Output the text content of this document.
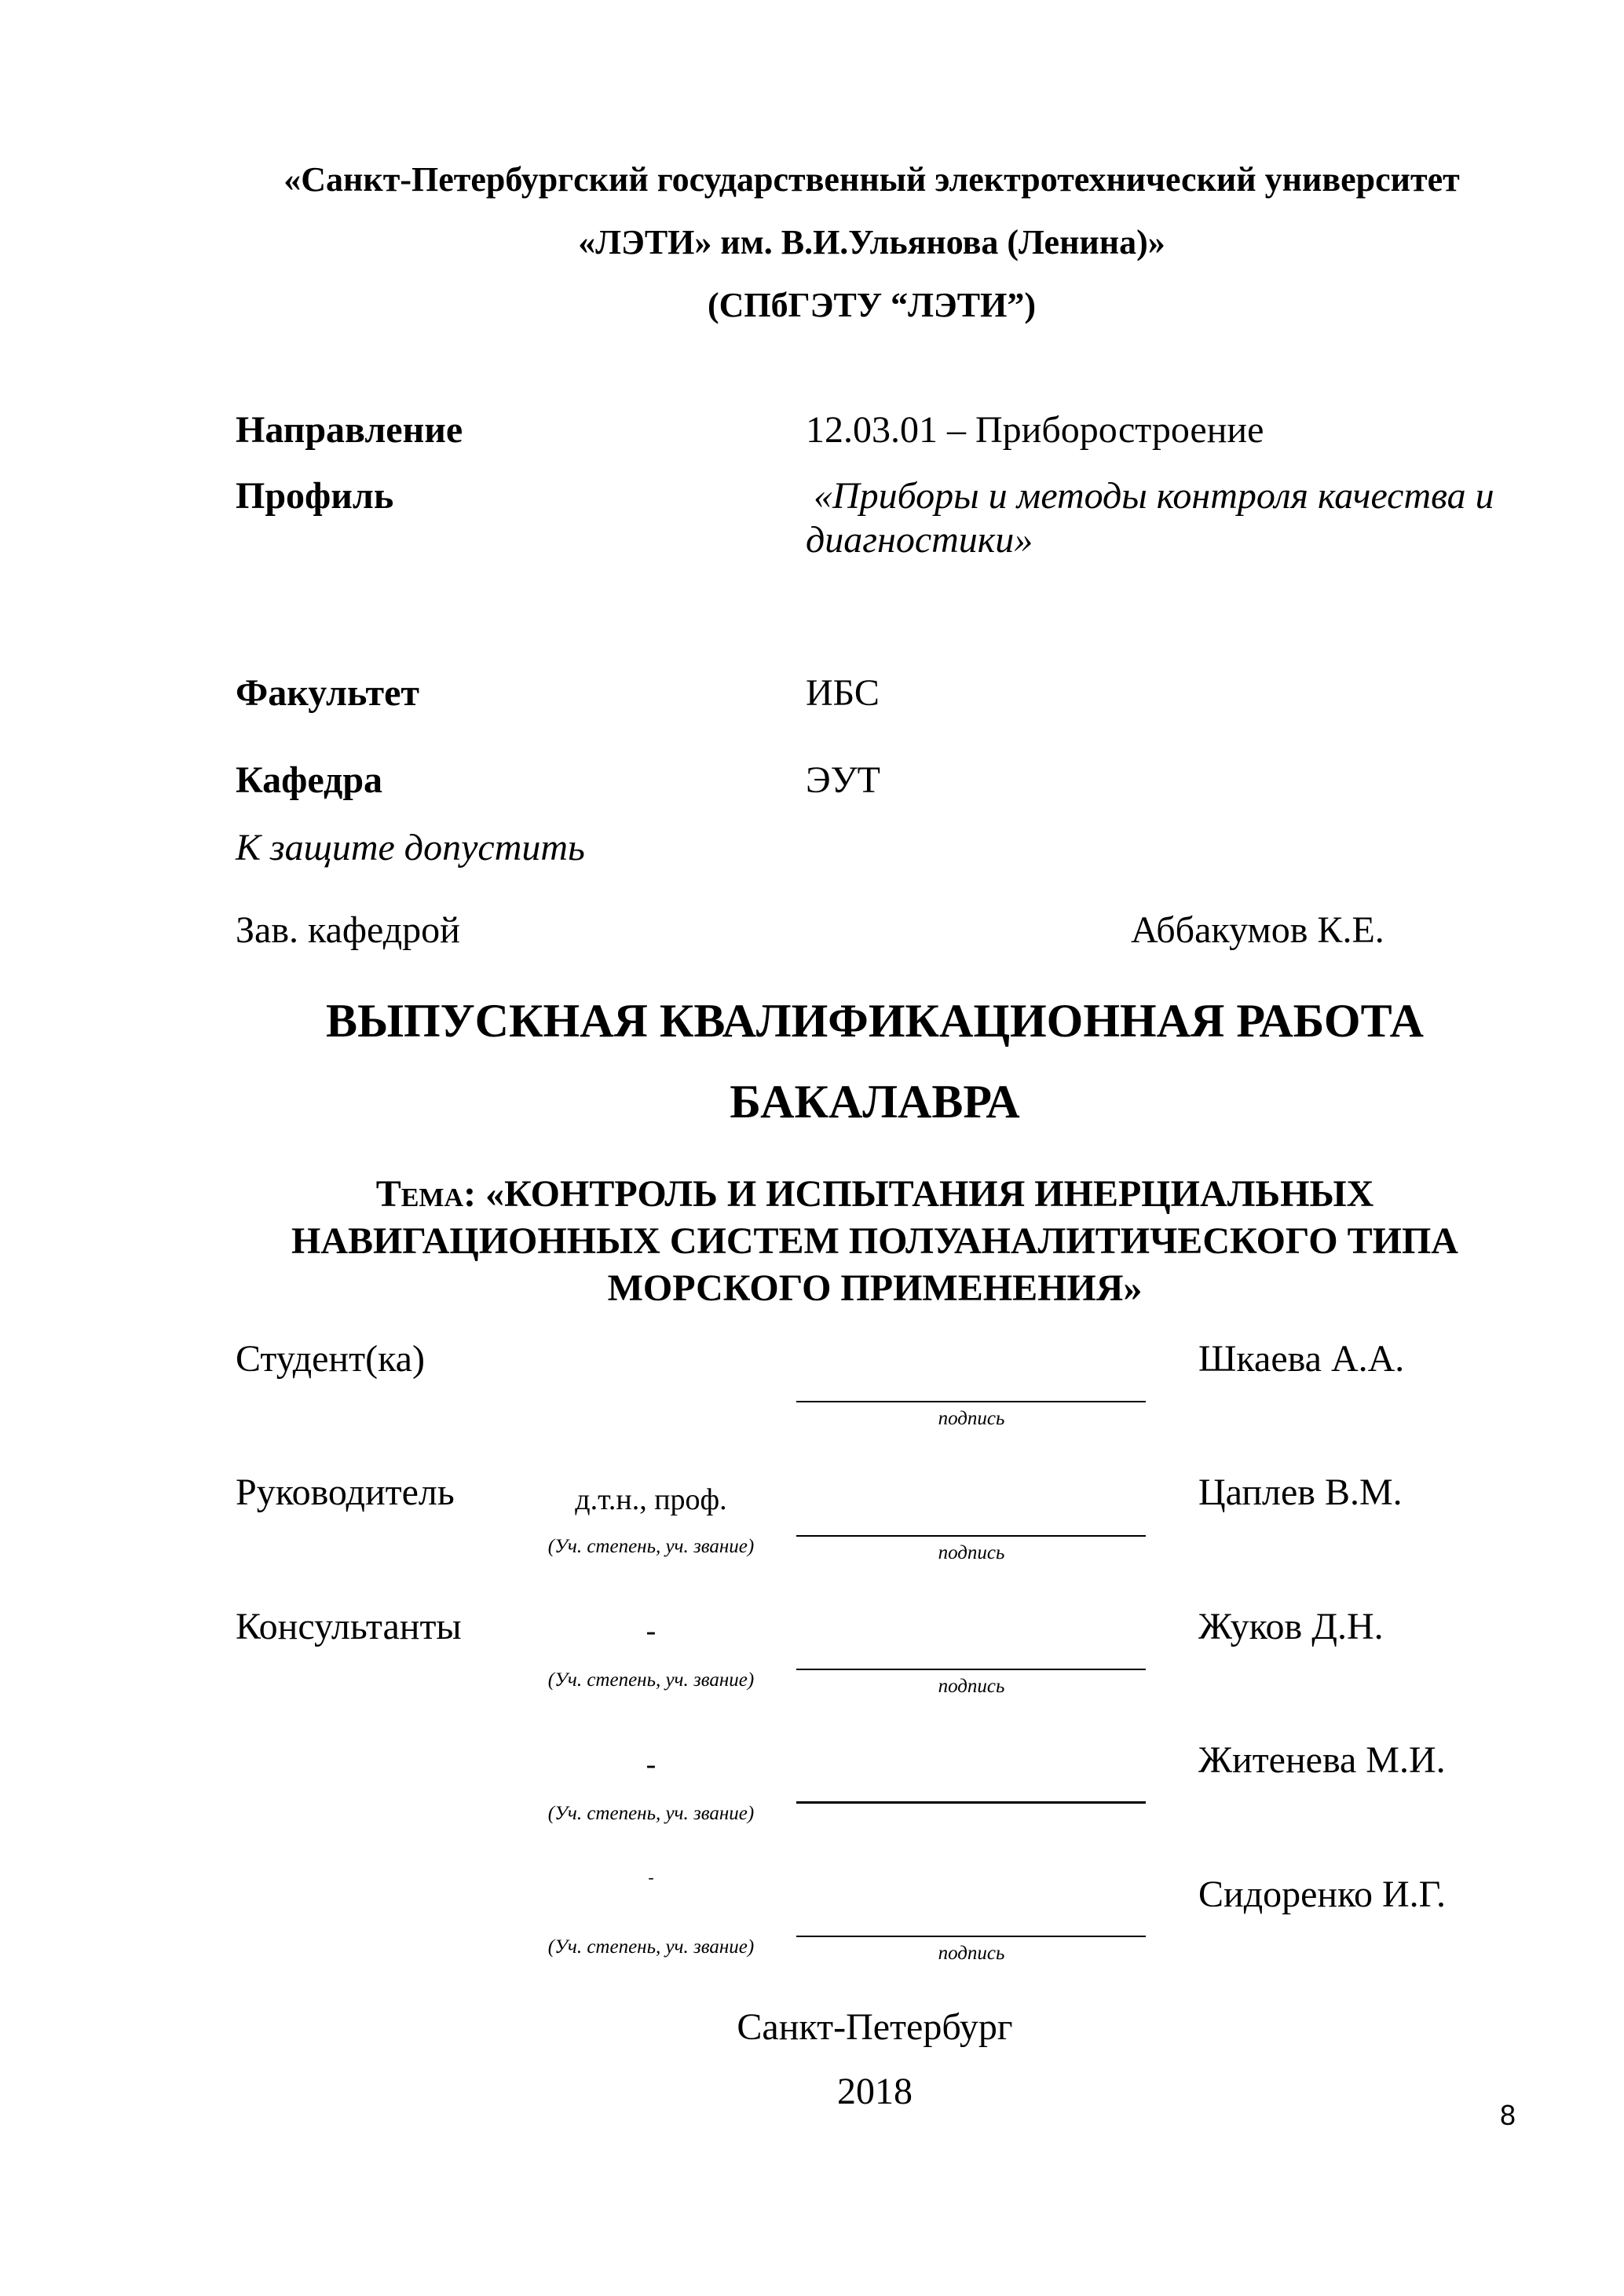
«Санкт-Петербургский государственный электротехнический университет
«ЛЭТИ» им. В.И.Ульянова (Ленина)»
(СПбГЭТУ “ЛЭТИ”)
Направление	12.03.01 – Приборостроение
Профиль	«Приборы и методы контроля качества и
диагностики»
Факультет	ИБС
Кафедра	ЭУТ
К защите допустить
Зав. кафедрой	Аббакумов К.Е.
ВЫПУСКНАЯ КВАЛИФИКАЦИОННАЯ РАБОТА
БАКАЛАВРА
Тема: «КОНТРОЛЬ И ИСПЫТАНИЯ ИНЕРЦИАЛЬНЫХ
НАВИГАЦИОННЫХ СИСТЕМ ПОЛУАНАЛИТИЧЕСКОГО ТИПА
МОРСКОГО ПРИМЕНЕНИЯ»
Студент(ка)	Шкаева А.А.
подпись
Руководитель	д.т.н., проф.	Цаплев В.М.
(Уч. степень, уч. звание)	подпись
Консультанты	-	Жуков Д.Н.
(Уч. степень, уч. звание)	подпись
-	Житенева М.И.
(Уч. степень, уч. звание)
-	Сидоренко И.Г.
(Уч. степень, уч. звание)	подпись
Санкт-Петербург
2018
8
